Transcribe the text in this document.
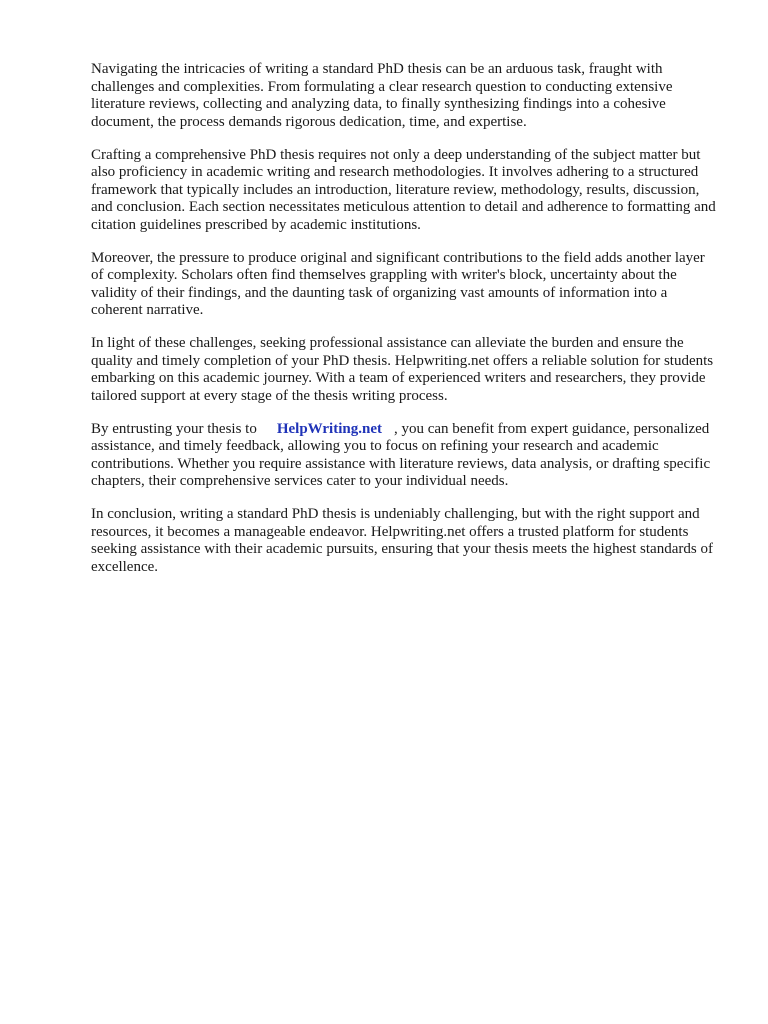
Navigating the intricacies of writing a standard PhD thesis can be an arduous task, fraught with challenges and complexities. From formulating a clear research question to conducting extensive literature reviews, collecting and analyzing data, to finally synthesizing findings into a cohesive document, the process demands rigorous dedication, time, and expertise.

Crafting a comprehensive PhD thesis requires not only a deep understanding of the subject matter but also proficiency in academic writing and research methodologies. It involves adhering to a structured framework that typically includes an introduction, literature review, methodology, results, discussion, and conclusion. Each section necessitates meticulous attention to detail and adherence to formatting and citation guidelines prescribed by academic institutions.

Moreover, the pressure to produce original and significant contributions to the field adds another layer of complexity. Scholars often find themselves grappling with writer's block, uncertainty about the validity of their findings, and the daunting task of organizing vast amounts of information into a coherent narrative.

In light of these challenges, seeking professional assistance can alleviate the burden and ensure the quality and timely completion of your PhD thesis. Helpwriting.net offers a reliable solution for students embarking on this academic journey. With a team of experienced writers and researchers, they provide tailored support at every stage of the thesis writing process.

By entrusting your thesis to HelpWriting.net , you can benefit from expert guidance, personalized assistance, and timely feedback, allowing you to focus on refining your research and academic contributions. Whether you require assistance with literature reviews, data analysis, or drafting specific chapters, their comprehensive services cater to your individual needs.

In conclusion, writing a standard PhD thesis is undeniably challenging, but with the right support and resources, it becomes a manageable endeavor. Helpwriting.net offers a trusted platform for students seeking assistance with their academic pursuits, ensuring that your thesis meets the highest standards of excellence.
